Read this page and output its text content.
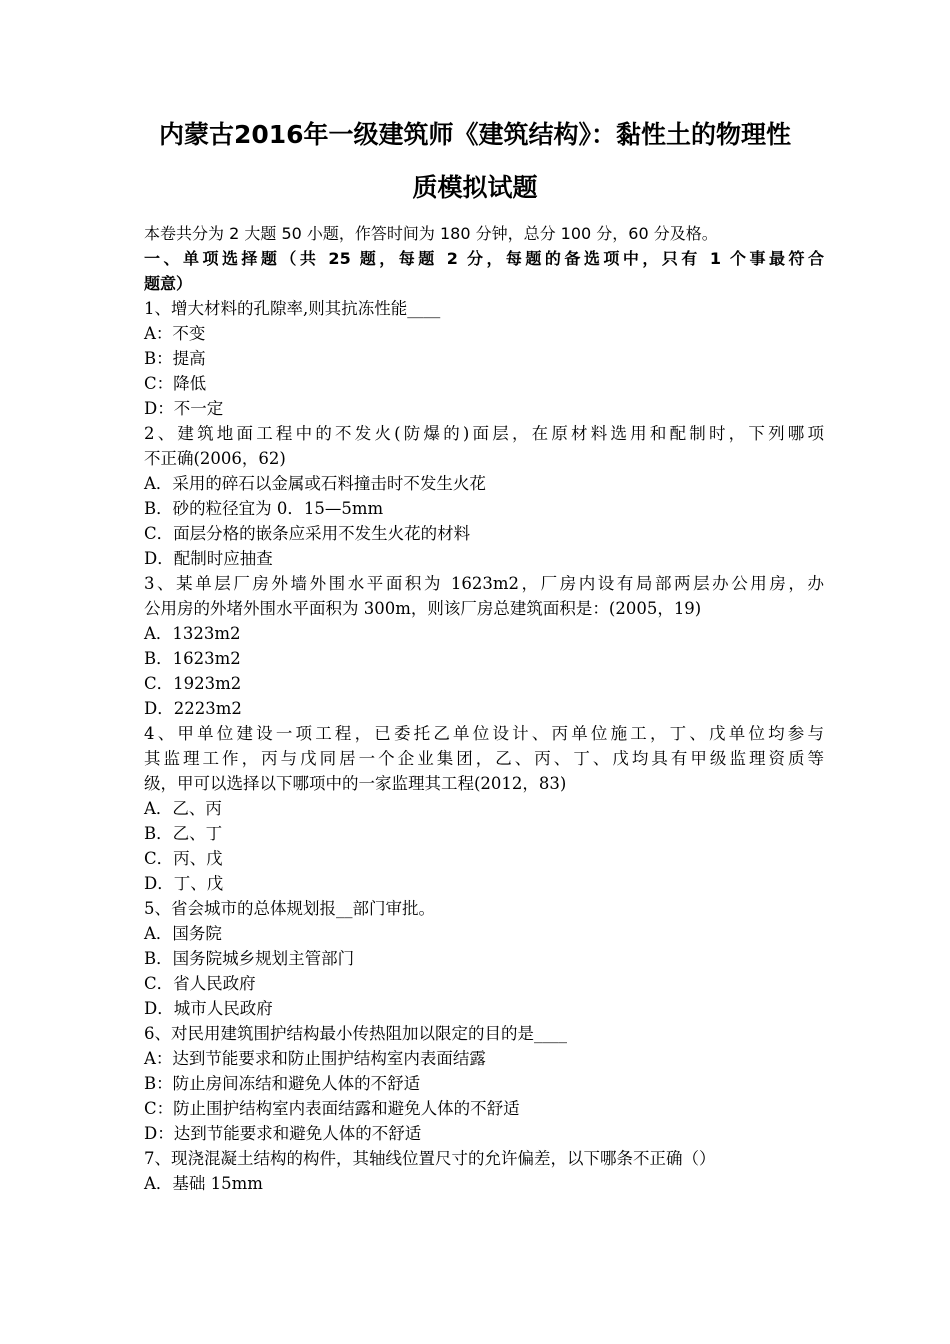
内蒙古2016年一级建筑师《建筑结构》：黏性土的物理性
质模拟试题
本卷共分为 2 大题 50 小题，作答时间为 180 分钟，总分 100 分，60 分及格。
一、单项选择题（共 25 题，每题 2 分，每题的备选项中，只有 1 个事最符合
题意）
1、增大材料的孔隙率,则其抗冻性能____
A：不变
B：提高
C：降低
D：不一定
2、建筑地面工程中的不发火(防爆的)面层，在原材料选用和配制时，下列哪项
不正确(2006，62)
A．采用的碎石以金属或石料撞击时不发生火花
B．砂的粒径宜为 0．15—5mm
C．面层分格的嵌条应采用不发生火花的材料
D．配制时应抽查
3、某单层厂房外墙外围水平面积为 1623m2，厂房内设有局部两层办公用房，办
公用房的外堵外围水平面积为 300m，则该厂房总建筑面积是：(2005，19)
A．1323m2
B．1623m2
C．1923m2
D．2223m2
4、甲单位建设一项工程，已委托乙单位设计、丙单位施工，丁、戊单位均参与
其监理工作，丙与戊同居一个企业集团，乙、丙、丁、戊均具有甲级监理资质等
级，甲可以选择以下哪项中的一家监理其工程(2012，83)
A．乙、丙
B．乙、丁
C．丙、戊
D．丁、戊
5、省会城市的总体规划报__部门审批。
A．国务院
B．国务院城乡规划主管部门
C．省人民政府
D．城市人民政府
6、对民用建筑围护结构最小传热阻加以限定的目的是____
A：达到节能要求和防止围护结构室内表面结露
B：防止房间冻结和避免人体的不舒适
C：防止围护结构室内表面结露和避免人体的不舒适
D：达到节能要求和避免人体的不舒适
7、现浇混凝土结构的构件，其轴线位置尺寸的允许偏差，以下哪条不正确（）
A．基础 15mm
